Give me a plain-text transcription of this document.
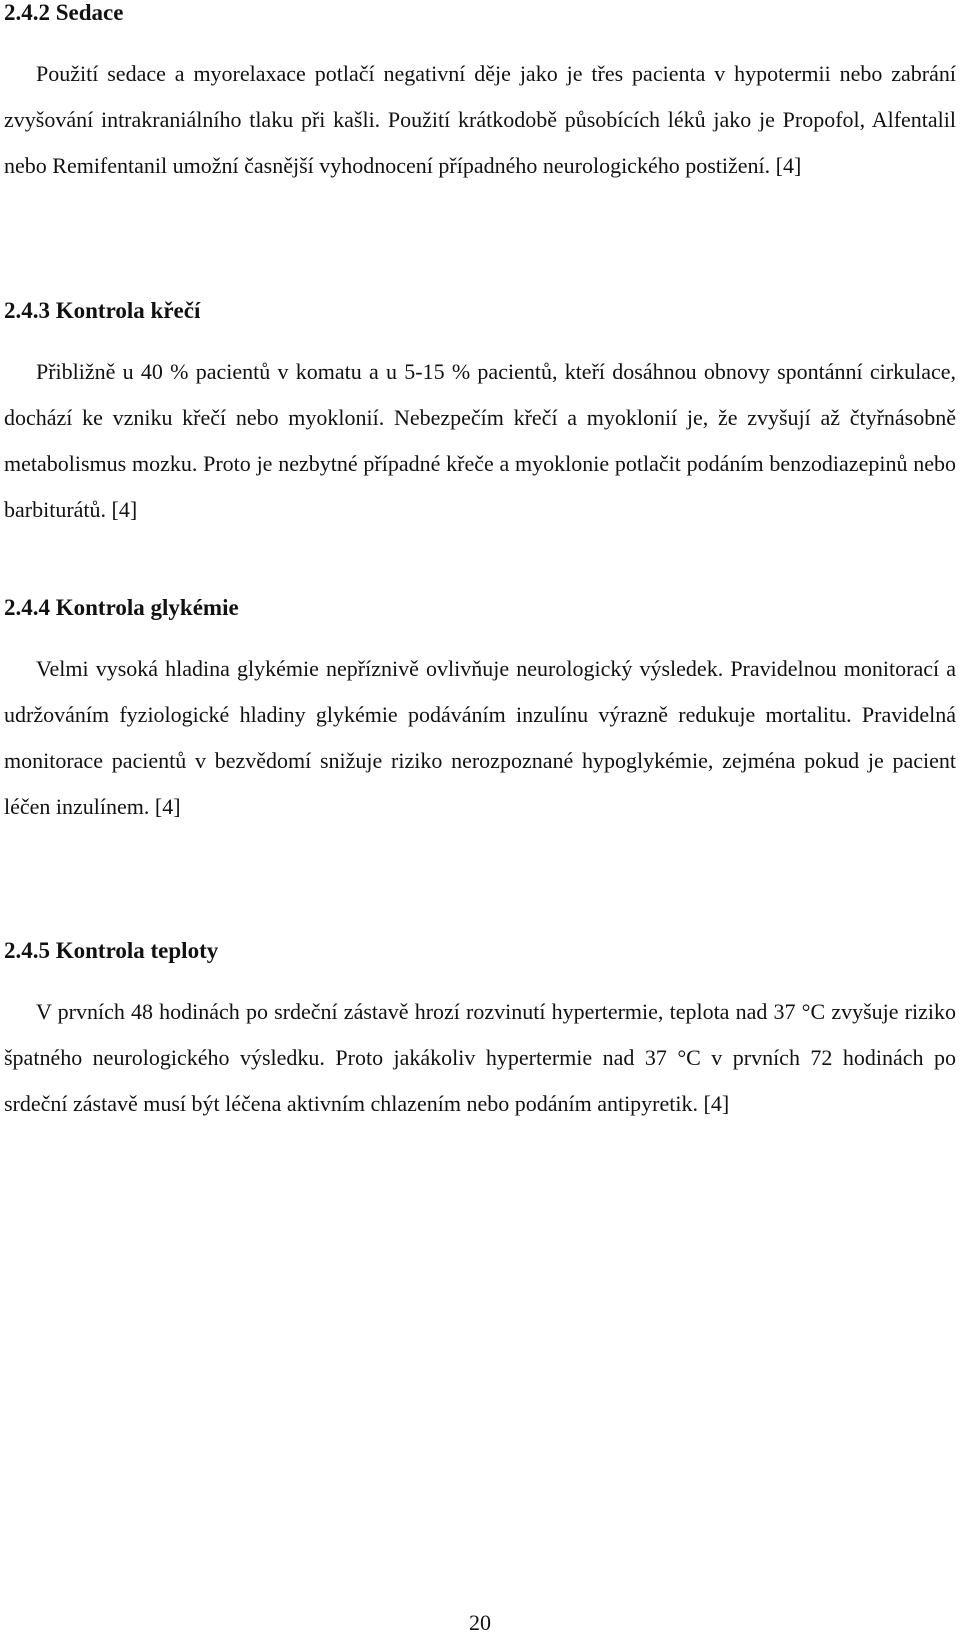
2.4.2 Sedace

Použití sedace a myorelaxace potlačí negativní děje jako je třes pacienta v hypotermii nebo zabrání zvyšování intrakraniálního tlaku při kašli. Použití krátkodobě působících léků jako je Propofol, Alfentalil nebo Remifentanil umožní časnější vyhodnocení případného neurologického postižení. [4]

2.4.3 Kontrola křečí

Přibližně u 40 % pacientů v komatu a u 5-15 % pacientů, kteří dosáhnou obnovy spontánní cirkulace, dochází ke vzniku křečí nebo myoklonií. Nebezpečím křečí a myoklonií je, že zvyšují až čtyřnásobně metabolismus mozku. Proto je nezbytné případné křeče a myoklonie potlačit podáním benzodiazepinů nebo barbiturátů. [4]

2.4.4 Kontrola glykémie

Velmi vysoká hladina glykémie nepříznivě ovlivňuje neurologický výsledek. Pravidelnou monitorací a udržováním fyziologické hladiny glykémie podáváním inzulínu výrazně redukuje mortalitu. Pravidelná monitorace pacientů v bezvědomí snižuje riziko nerozpoznané hypoglykémie, zejména pokud je pacient léčen inzulínem. [4]

2.4.5 Kontrola teploty

V prvních 48 hodinách po srdeční zástavě hrozí rozvinutí hypertermie, teplota nad 37 °C zvyšuje riziko špatného neurologického výsledku. Proto jakákoliv hypertermie nad 37 °C v prvních 72 hodinách po srdeční zástavě musí být léčena aktivním chlazením nebo podáním antipyretik. [4]

20
